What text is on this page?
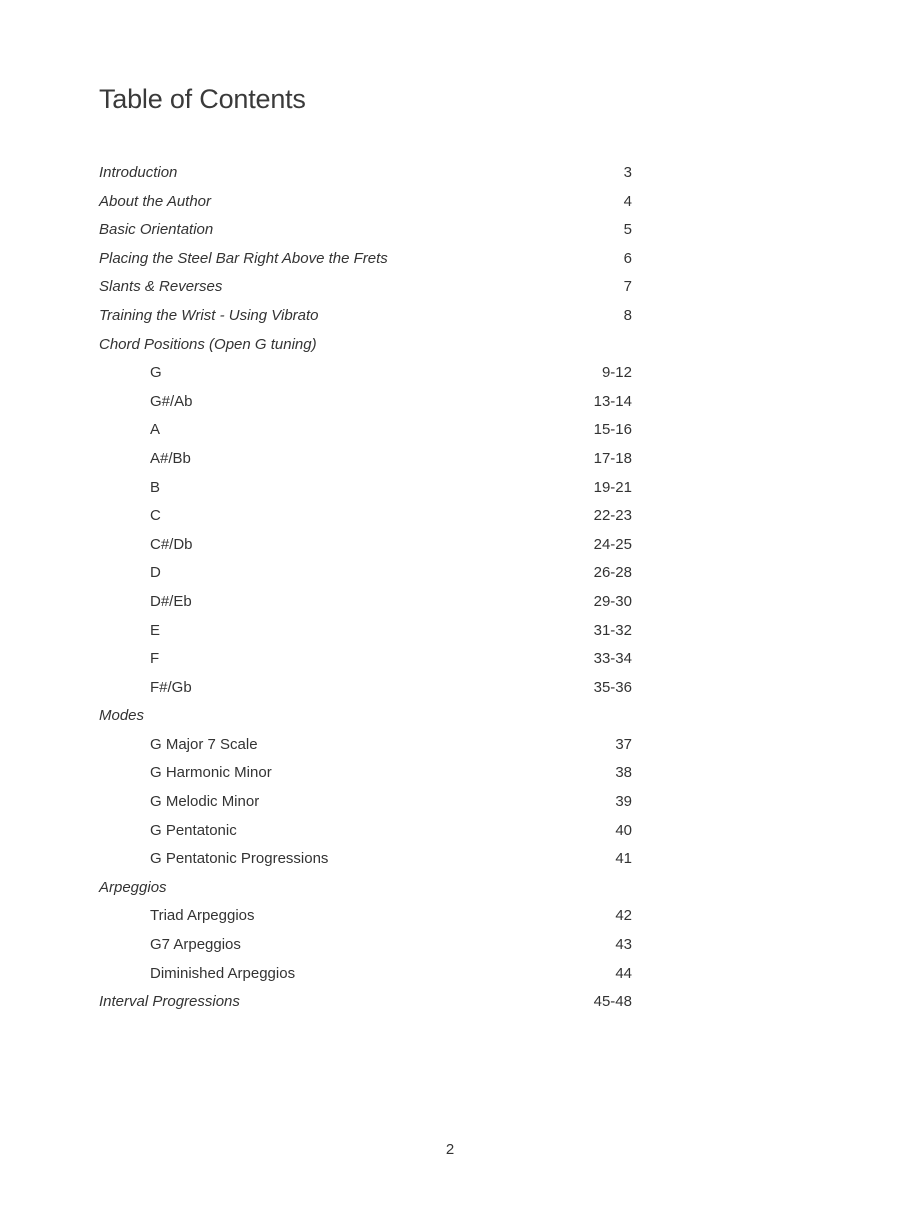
Table of Contents
Introduction	3
About the Author	4
Basic Orientation	5
Placing the Steel Bar Right Above the Frets	6
Slants & Reverses	7
Training the Wrist - Using Vibrato	8
Chord Positions (Open G tuning)
G	9-12
G#/Ab	13-14
A	15-16
A#/Bb	17-18
B	19-21
C	22-23
C#/Db	24-25
D	26-28
D#/Eb	29-30
E	31-32
F	33-34
F#/Gb	35-36
Modes
G Major 7 Scale	37
G Harmonic Minor	38
G Melodic Minor	39
G Pentatonic	40
G Pentatonic Progressions	41
Arpeggios
Triad Arpeggios	42
G7 Arpeggios	43
Diminished Arpeggios	44
Interval Progressions	45-48
2
